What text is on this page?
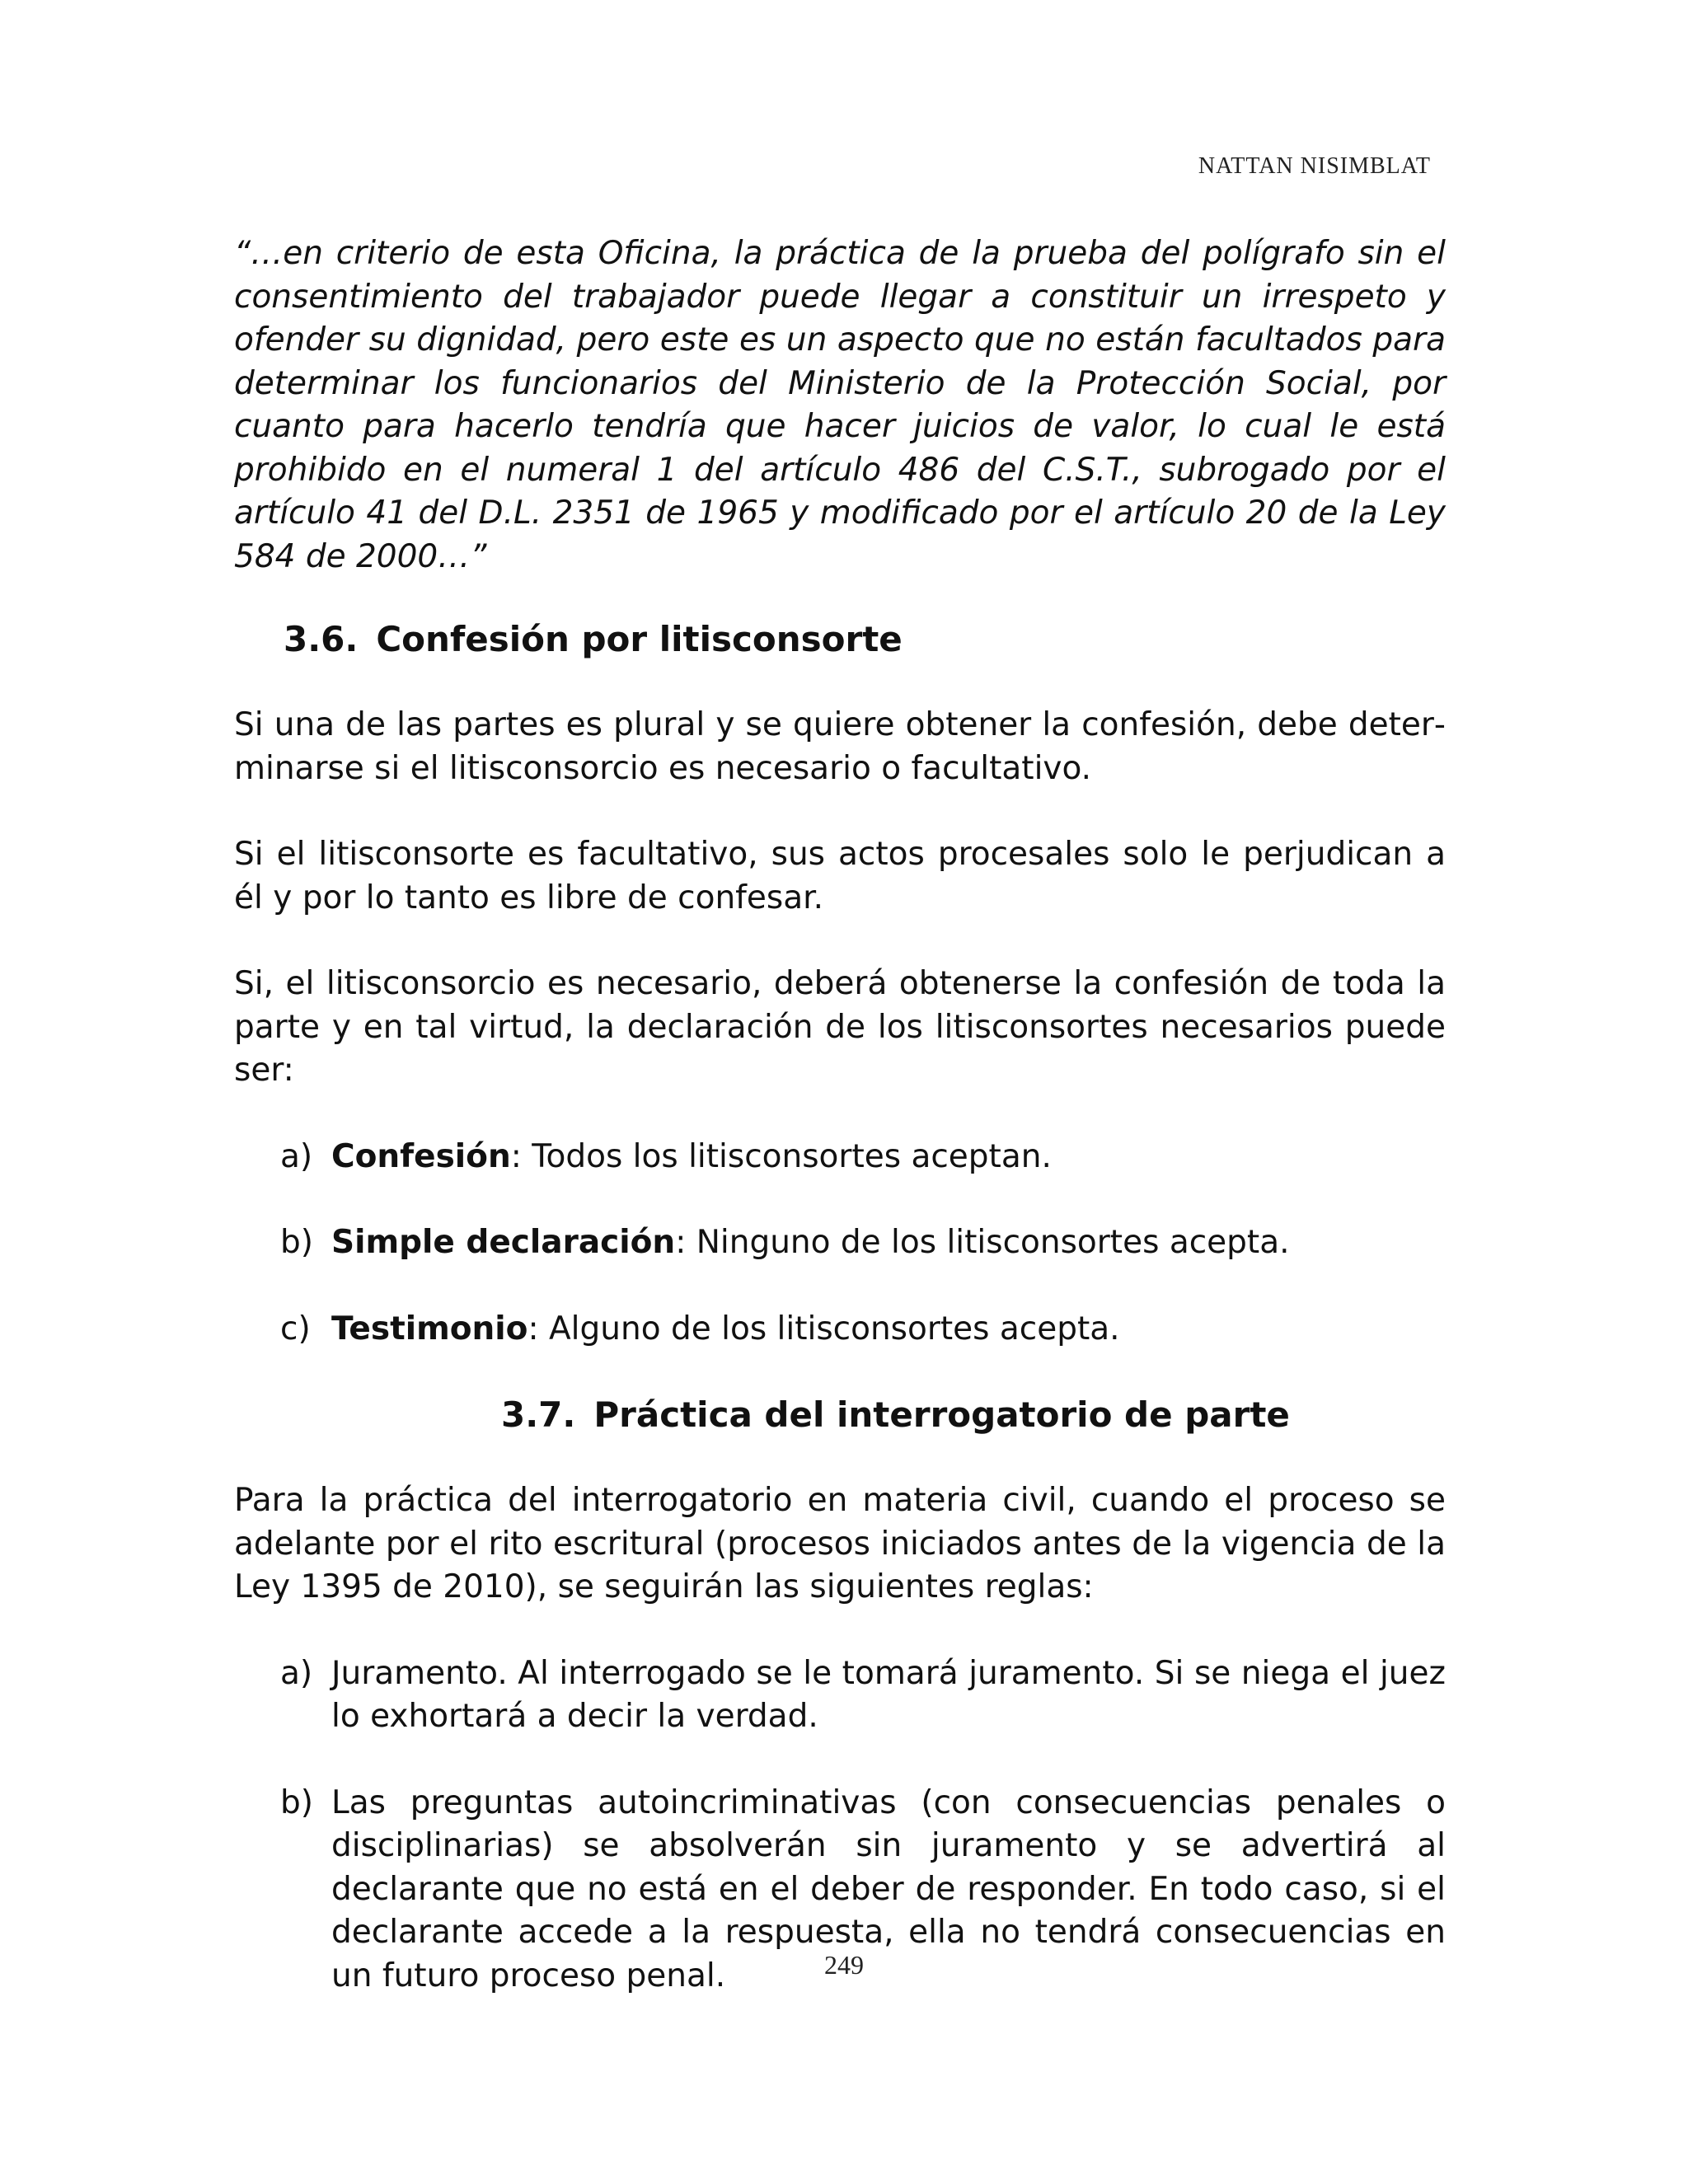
NATTAN NISIMBLAT

“…en criterio de esta Oficina, la práctica de la prueba del polígrafo sin el consentimiento del trabajador puede llegar a constituir un irrespeto y ofender su dignidad, pero este es un aspecto que no están facultados para determinar los funcionarios del Ministerio de la Protección Social, por cuanto para hacerlo tendría que hacer juicios de valor, lo cual le está prohibido en el numeral 1 del artículo 486 del C.S.T., subrogado por el artículo 41 del D.L. 2351 de 1965 y modificado por el artículo 20 de la Ley 584 de 2000…”

3.6. Confesión por litisconsorte

Si una de las partes es plural y se quiere obtener la confesión, debe determinarse si el litisconsorcio es necesario o facultativo.

Si el litisconsorte es facultativo, sus actos procesales solo le perjudican a él y por lo tanto es libre de confesar.

Si, el litisconsorcio es necesario, deberá obtenerse la confesión de toda la parte y en tal virtud, la declaración de los litisconsortes necesarios puede ser:

a) Confesión: Todos los litisconsortes aceptan.
b) Simple declaración: Ninguno de los litisconsortes acepta.
c) Testimonio: Alguno de los litisconsortes acepta.
3.7. Práctica del interrogatorio de parte

Para la práctica del interrogatorio en materia civil, cuando el proceso se adelante por el rito escritural (procesos iniciados antes de la vigencia de la Ley 1395 de 2010), se seguirán las siguientes reglas:

a) Juramento. Al interrogado se le tomará juramento. Si se niega el juez lo exhortará a decir la verdad.
b) Las preguntas autoincriminativas (con consecuencias penales o disciplinarias) se absolverán sin juramento y se advertirá al declarante que no está en el deber de responder. En todo caso, si el declarante accede a la respuesta, ella no tendrá consecuencias en un futuro proceso penal.	249
